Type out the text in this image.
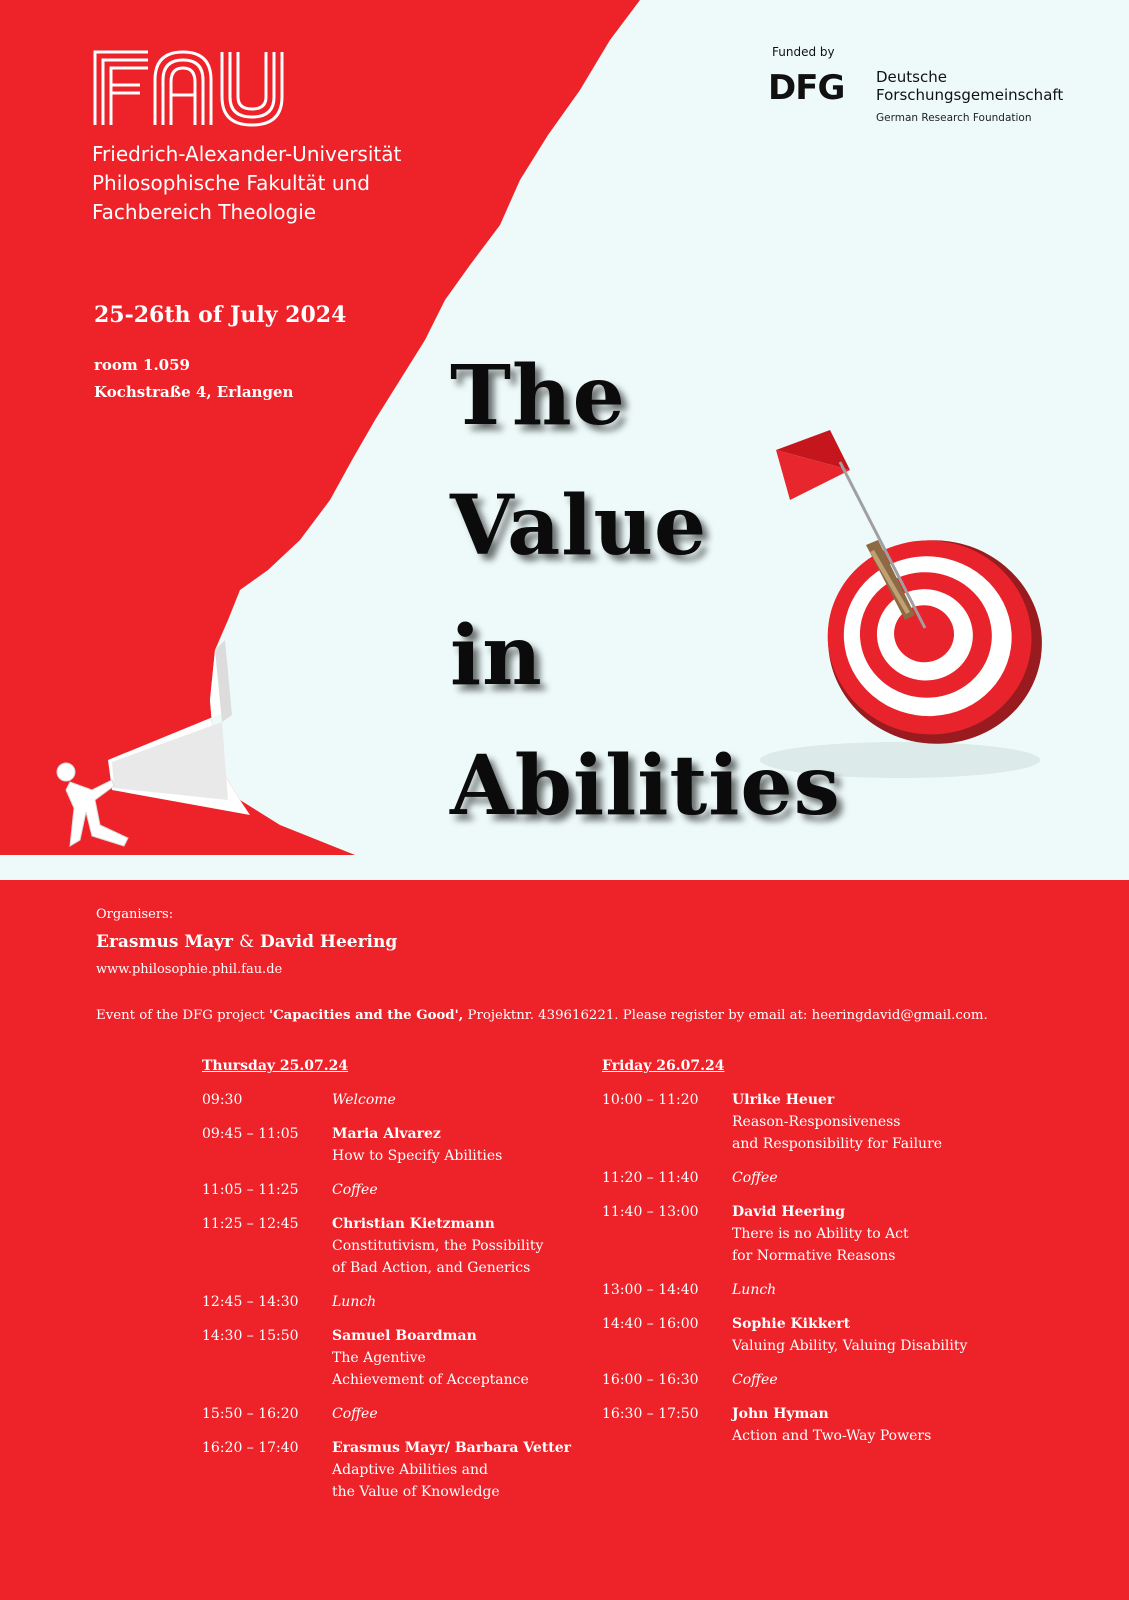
Friedrich-Alexander-Universität
Philosophische Fakultät und
Fachbereich Theologie
25-26th of July 2024
room 1.059
Kochstraße 4, Erlangen The
Value
in
Abilities
Funded by
DFG Deutsche
Forschungsgemeinschaft
German Research Foundation
Organisers:
Erasmus Mayr & David Heering
www.philosophie.phil.fau.de
Event of the DFG project 'Capacities and the Good', Projektnr. 439616221. Please register by email at: heeringdavid@gmail.com.
Thursday 25.07.24
09:30	Welcome
09:45 – 11:05	Maria Alvarez
How to Specify Abilities
11:05 – 11:25	Coffee
11:25 – 12:45	Christian Kietzmann
Constitutivism, the Possibility
of Bad Action, and Generics
12:45 – 14:30	Lunch
14:30 – 15:50	Samuel Boardman
The Agentive
Achievement of Acceptance
15:50 – 16:20	Coffee
16:20 – 17:40	Erasmus Mayr/ Barbara Vetter
Adaptive Abilities and
the Value of Knowledge
Friday 26.07.24
10:00 – 11:20	Ulrike Heuer
Reason-Responsiveness
and Responsibility for Failure
11:20 – 11:40	Coffee
11:40 – 13:00	David Heering
There is no Ability to Act
for Normative Reasons
13:00 – 14:40	Lunch
14:40 – 16:00	Sophie Kikkert
Valuing Ability, Valuing Disability
16:00 – 16:30	Coffee
16:30 – 17:50	John Hyman
Action and Two-Way Powers
